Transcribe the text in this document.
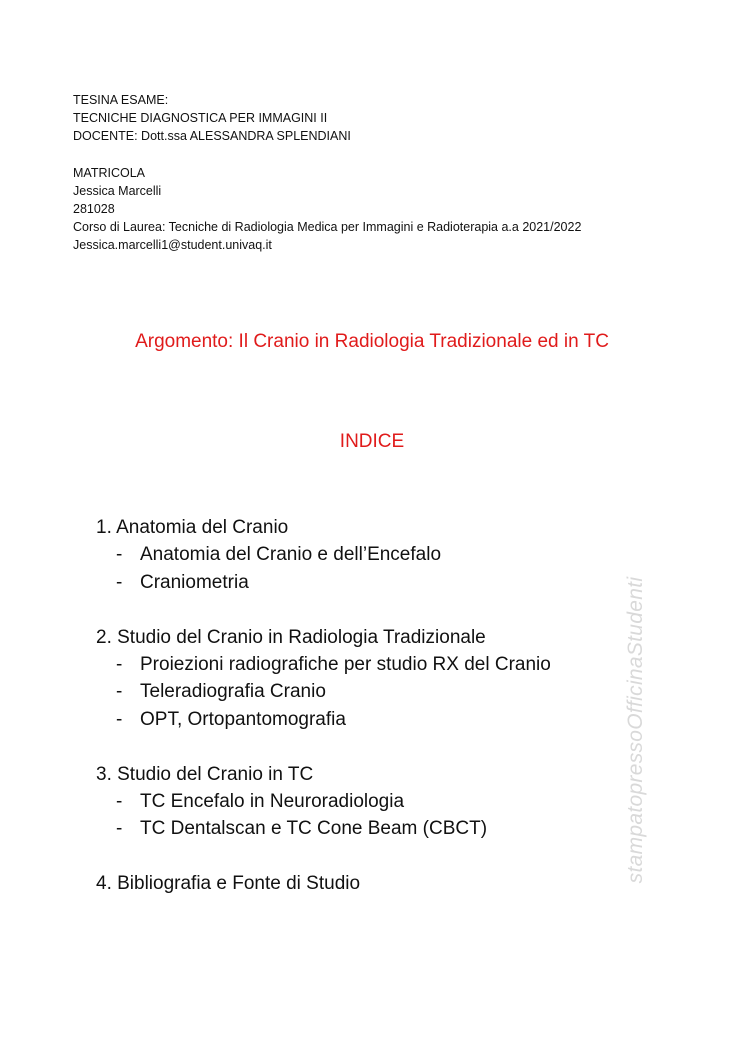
TESINA ESAME:
TECNICHE DIAGNOSTICA PER IMMAGINI II
DOCENTE: Dott.ssa ALESSANDRA SPLENDIANI
MATRICOLA
Jessica Marcelli
281028
Corso di Laurea: Tecniche di Radiologia Medica per Immagini e Radioterapia a.a 2021/2022
Jessica.marcelli1@student.univaq.it
Argomento: Il Cranio in Radiologia Tradizionale ed in TC
INDICE
1. Anatomia del Cranio
- Anatomia del Cranio e dell’Encefalo
- Craniometria
2. Studio del Cranio in Radiologia Tradizionale
- Proiezioni radiografiche per studio RX del Cranio
- Teleradiografia Cranio
- OPT, Ortopantomografia
3. Studio del Cranio in TC
- TC Encefalo in Neuroradiologia
- TC Dentalscan e TC Cone Beam (CBCT)
4. Bibliografia e Fonte di Studio
stampatopressoOfficinaStudenti
